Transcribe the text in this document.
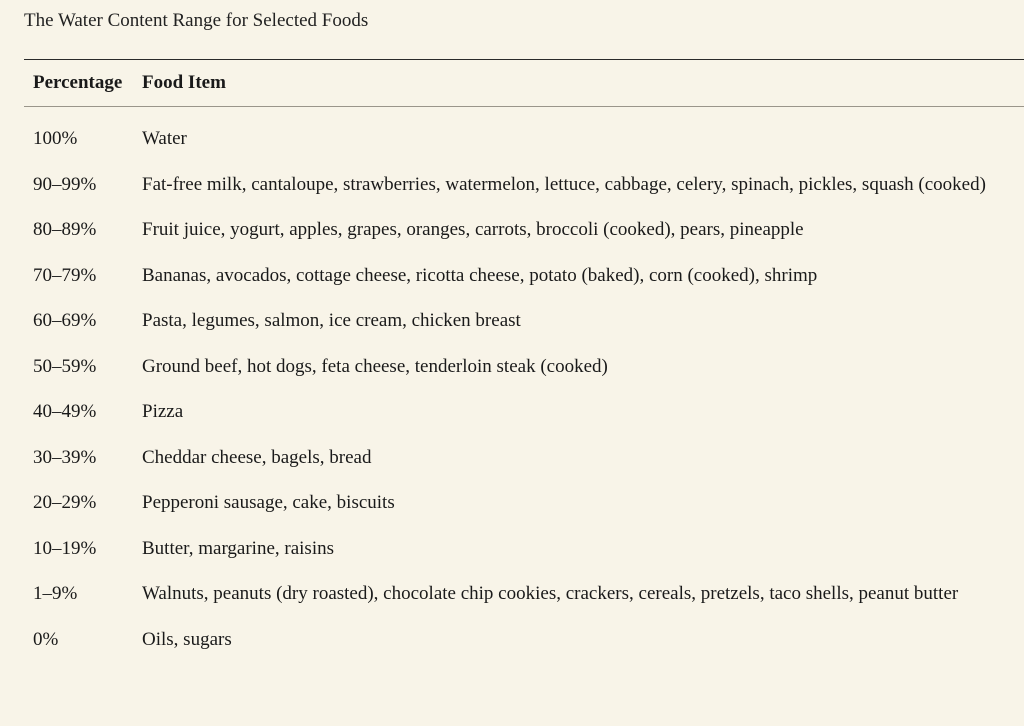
The Water Content Range for Selected Foods
Percentage	Food Item
100%	Water
90–99%	Fat-free milk, cantaloupe, strawberries, watermelon, lettuce, cabbage, celery, spinach, pickles, squash (cooked)
80–89%	Fruit juice, yogurt, apples, grapes, oranges, carrots, broccoli (cooked), pears, pineapple
70–79%	Bananas, avocados, cottage cheese, ricotta cheese, potato (baked), corn (cooked), shrimp
60–69%	Pasta, legumes, salmon, ice cream, chicken breast
50–59%	Ground beef, hot dogs, feta cheese, tenderloin steak (cooked)
40–49%	Pizza
30–39%	Cheddar cheese, bagels, bread
20–29%	Pepperoni sausage, cake, biscuits
10–19%	Butter, margarine, raisins
1–9%	Walnuts, peanuts (dry roasted), chocolate chip cookies, crackers, cereals, pretzels, taco shells, peanut butter
0%	Oils, sugars
